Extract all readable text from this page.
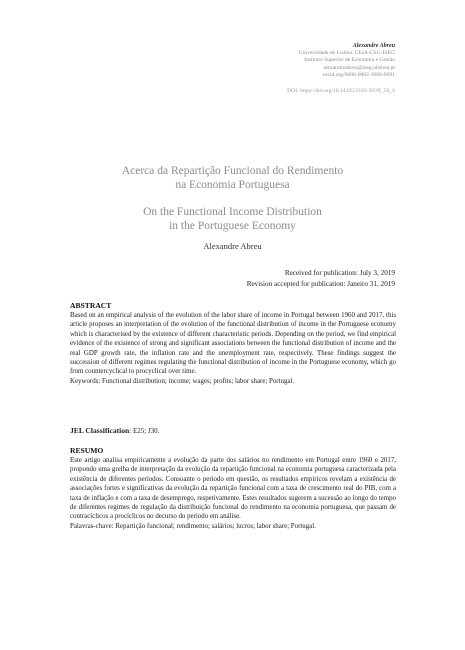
Alexandre Abreu
Universidade de Lisboa. CEsA-CSG-ISEG
Instituto Superior de Economia e Gestão
alexandreabreu@iseg.ulisboa.pt
orcid.org/0000-0002-3606-9691
DOI: https://doi.org/10.14195/2183-203X_50_6
Acerca da Repartição Funcional do Rendimento
na Economia Portuguesa
On the Functional Income Distribution
in the Portuguese Economy
Alexandre Abreu
Received for publication: July 3, 2019
Revision accepted for publication: Janeiro 31, 2019

ABSTRACT

Based on an empirical analysis of the evolution of the labor share of income in Portugal between 1960 and 2017, this article proposes an interpretation of the evolution of the functional distribution of income in the Portuguese economy which is characterised by the existence of different characteristic periods. Depending on the period, we find empirical evidence of the existence of strong and significant associations between the functional distribution of income and the real GDP growth rate, the inflation rate and the unemployment rate, respectively. These findings suggest the succession of different regimes regulating the functional distribution of income in the Portuguese economy, which go from countercyclical to procyclical over time.

Keywords: Functional distribution; income; wages; profits; labor share; Portugal.

JEL Classification: E25; J30.

RESUMO

Este artigo analisa empiricamente a evolução da parte dos salários no rendimento em Portugal entre 1960 e 2017, propondo uma grelha de interpretação da evolução da repartição funcional na economia portuguesa caracterizada pela existência de diferentes períodos. Consoante o período em questão, os resultados empíricos revelam a existência de associações fortes e significativas da evolução da repartição funcional com a taxa de crescimento real do PIB, com a taxa de inflação e com a taxa de desemprego, respetivamente. Estes resultados sugerem a sucessão ao longo do tempo de diferentes regimes de regulação da distribuição funcional do rendimento na economia portuguesa, que passam de contracíclicos a procíclicos no decurso do período em análise.

Palavras-chave: Repartição funcional; rendimento; salários; lucros; labor share; Portugal.
